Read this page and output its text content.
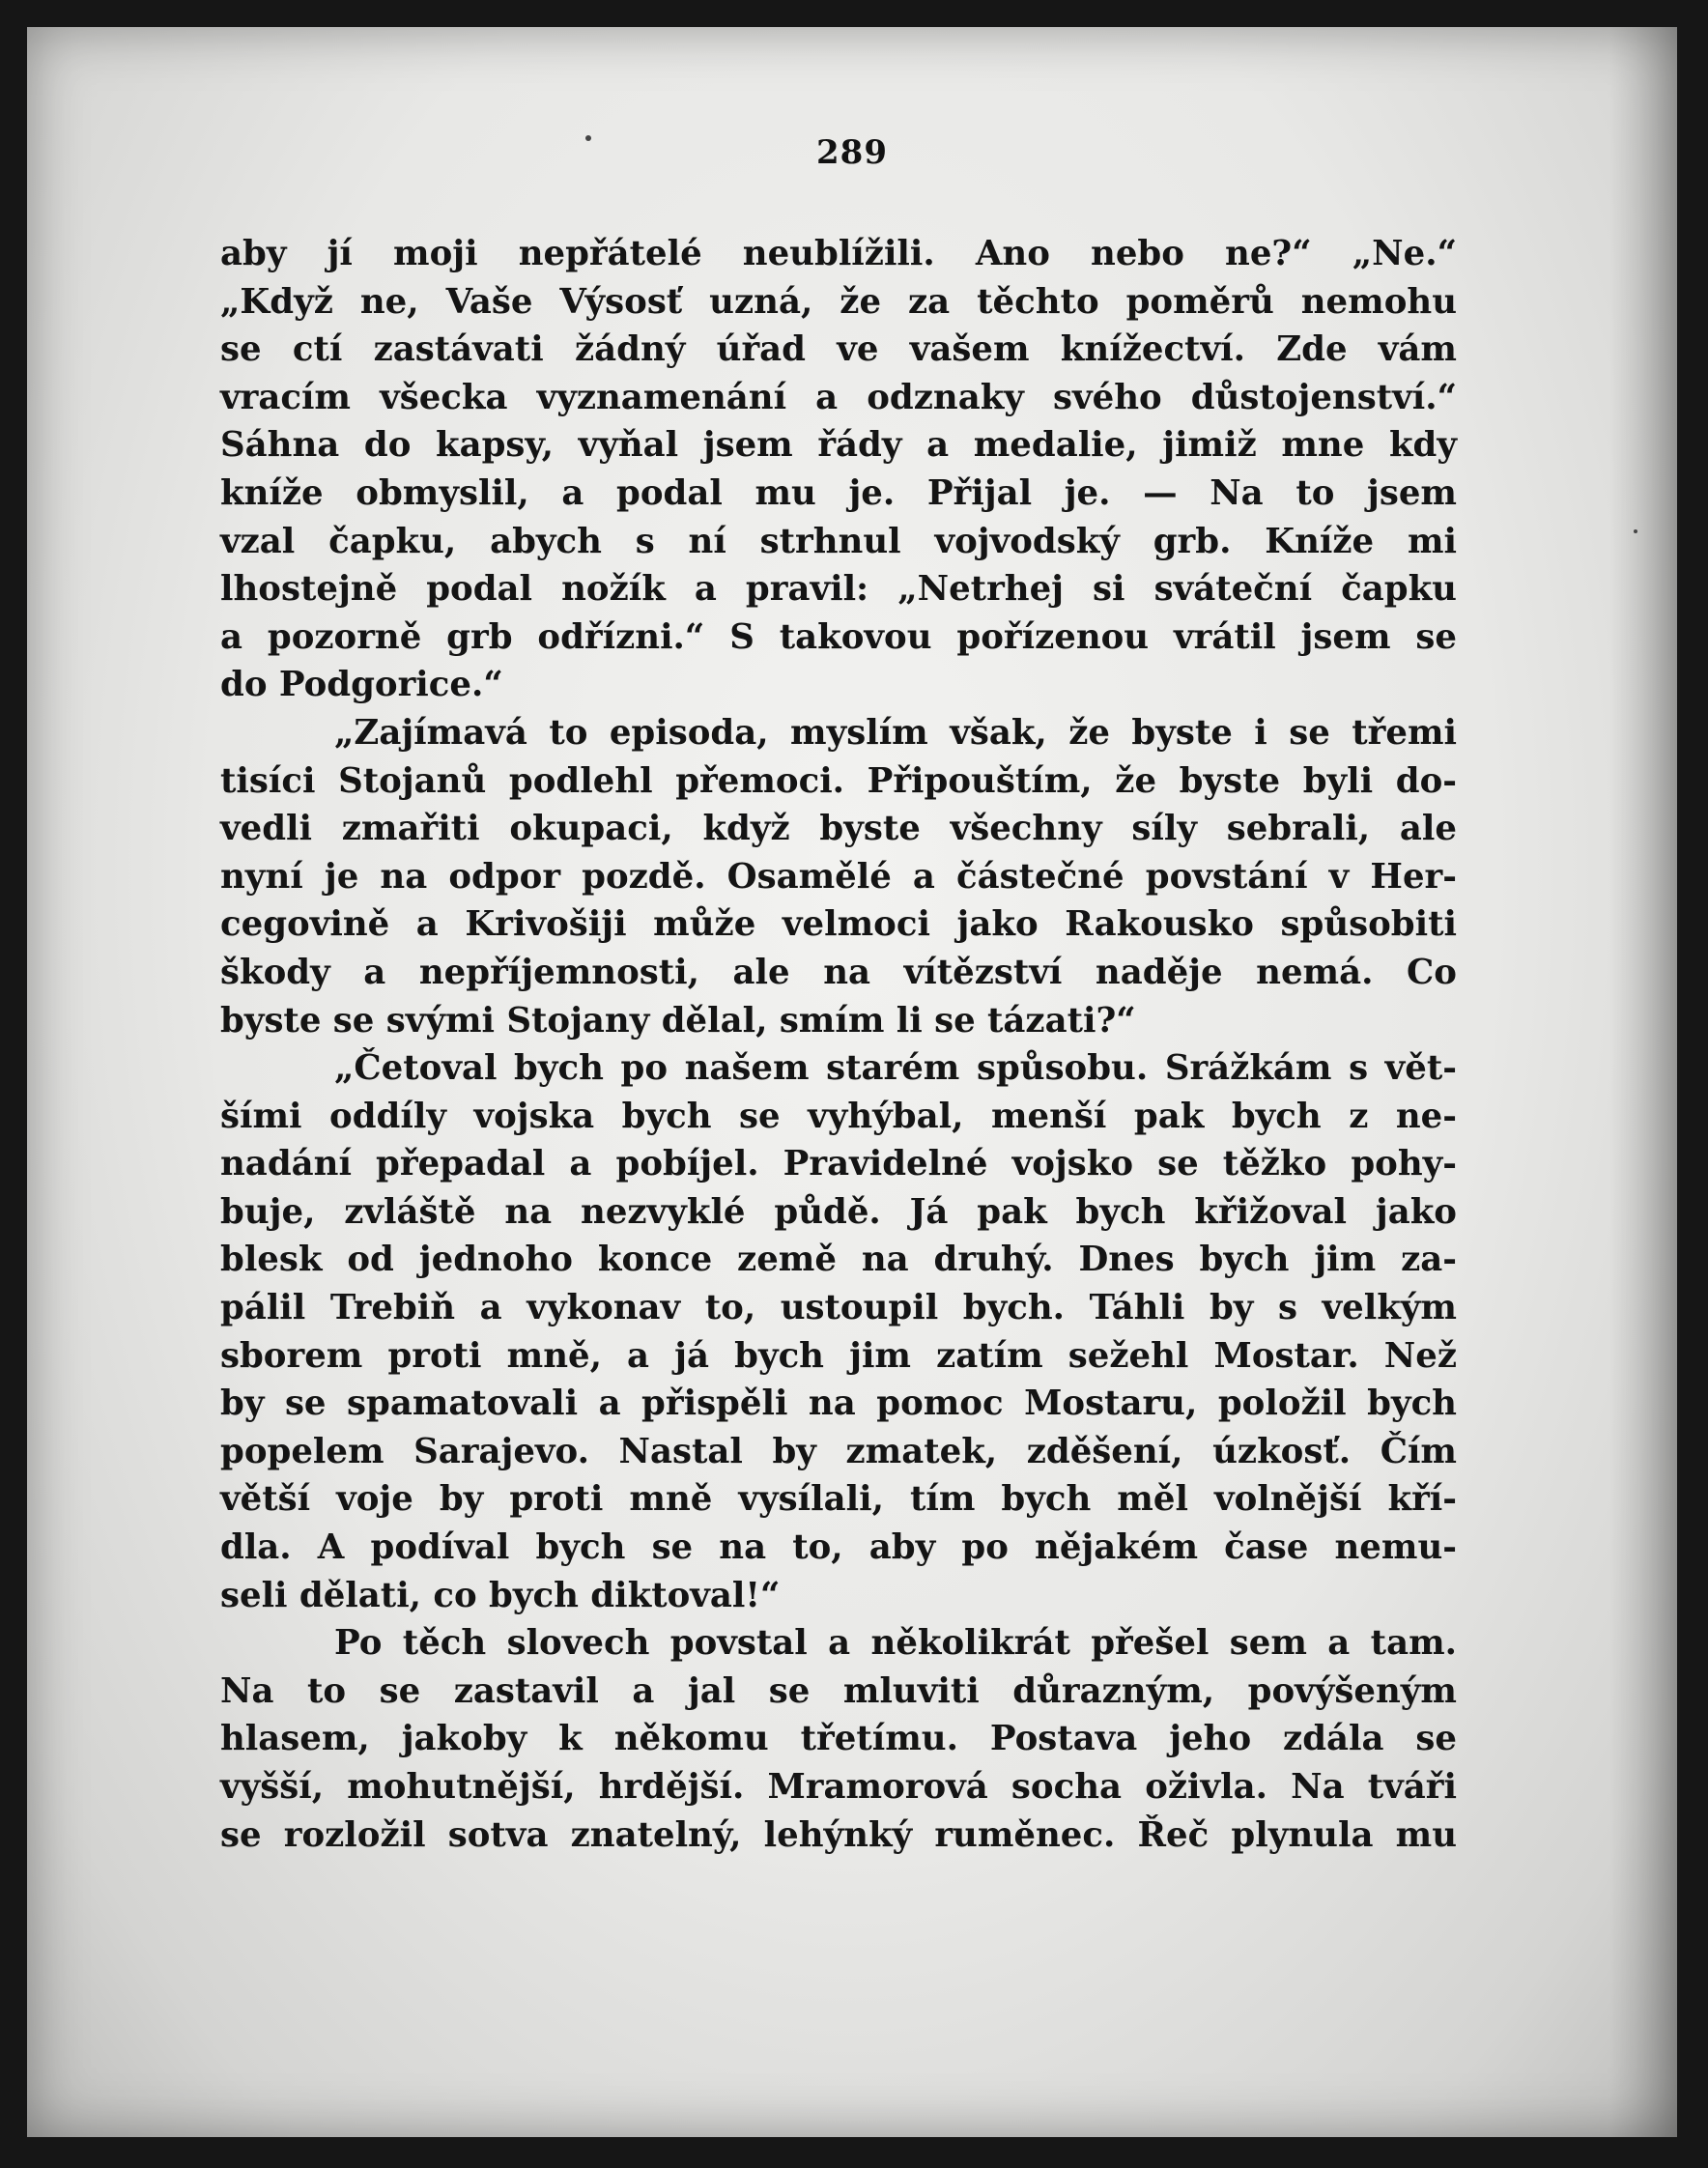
289
aby jí moji nepřátelé neublížili. Ano nebo ne?“ „Ne.“
„Když ne, Vaše Výsosť uzná, že za těchto poměrů nemohu
se ctí zastávati žádný úřad ve vašem knížectví. Zde vám
vracím všecka vyznamenání a odznaky svého důstojenství.“
Sáhna do kapsy, vyňal jsem řády a medalie, jimiž mne kdy
kníže obmyslil, a podal mu je. Přijal je. — Na to jsem
vzal čapku, abych s ní strhnul vojvodský grb. Kníže mi
lhostejně podal nožík a pravil: „Netrhej si sváteční čapku
a pozorně grb odřízni.“ S takovou pořízenou vrátil jsem se
do Podgorice.“
„Zajímavá to episoda, myslím však, že byste i se třemi
tisíci Stojanů podlehl přemoci. Připouštím, že byste byli do-
vedli zmařiti okupaci, když byste všechny síly sebrali, ale
nyní je na odpor pozdě. Osamělé a částečné povstání v Her-
cegovině a Krivošiji může velmoci jako Rakousko spůsobiti
škody a nepříjemnosti, ale na vítězství naděje nemá. Co
byste se svými Stojany dělal, smím li se tázati?“
„Četoval bych po našem starém spůsobu. Srážkám s vět-
šími oddíly vojska bych se vyhýbal, menší pak bych z ne-
nadání přepadal a pobíjel. Pravidelné vojsko se těžko pohy-
buje, zvláště na nezvyklé půdě. Já pak bych křižoval jako
blesk od jednoho konce země na druhý. Dnes bych jim za-
pálil Trebiň a vykonav to, ustoupil bych. Táhli by s velkým
sborem proti mně, a já bych jim zatím sežehl Mostar. Než
by se spamatovali a přispěli na pomoc Mostaru, položil bych
popelem Sarajevo. Nastal by zmatek, zděšení, úzkosť. Čím
větší voje by proti mně vysílali, tím bych měl volnější kří-
dla. A podíval bych se na to, aby po nějakém čase nemu-
seli dělati, co bych diktoval!“
Po těch slovech povstal a několikrát přešel sem a tam.
Na to se zastavil a jal se mluviti důrazným, povýšeným
hlasem, jakoby k někomu třetímu. Postava jeho zdála se
vyšší, mohutnější, hrdější. Mramorová socha oživla. Na tváři
se rozložil sotva znatelný, lehýnký ruměnec. Řeč plynula mu
